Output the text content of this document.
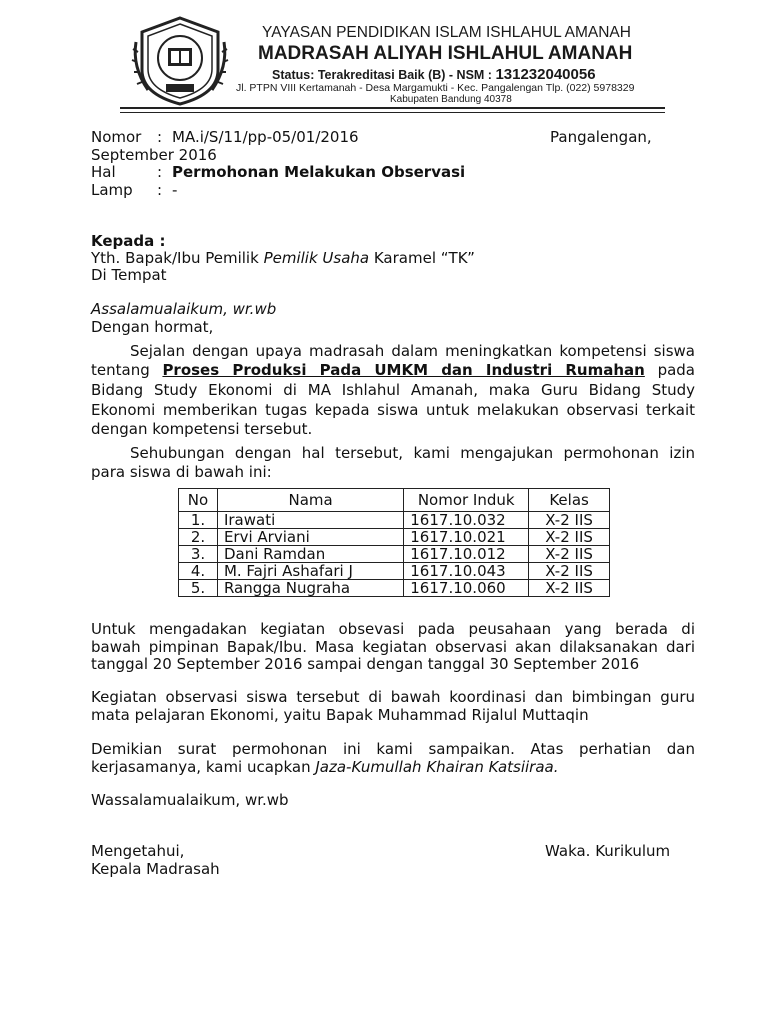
YAYASAN PENDIDIKAN ISLAM ISHLAHUL AMANAH
MADRASAH ALIYAH ISHLAHUL AMANAH
Status: Terakreditasi Baik (B) - NSM : 131232040056
Jl. PTPN VIII Kertamanah - Desa Margamukti - Kec. Pangalengan Tlp. (022) 5978329
Kabupaten Bandung 40378
Nomor : MA.i/S/11/pp-05/01/2016	Pangalengan,
September 2016
Hal	: Permohonan Melakukan Observasi
Lamp : -
Kepada :
Yth. Bapak/Ibu Pemilik Pemilik Usaha Karamel “TK”
Di Tempat
Assalamualaikum, wr.wb
Dengan hormat,
Sejalan dengan upaya madrasah dalam meningkatkan kompetensi siswa
tentang Proses Produksi Pada UMKM dan Industri Rumahan pada
Bidang Study Ekonomi di MA Ishlahul Amanah, maka Guru Bidang Study
Ekonomi memberikan tugas kepada siswa untuk melakukan observasi terkait
dengan kompetensi tersebut.
Sehubungan dengan hal tersebut, kami mengajukan permohonan izin
para siswa di bawah ini:
No	Nama	Nomor Induk	Kelas
1.	Irawati	1617.10.032	X-2 IIS
2.	Ervi Arviani	1617.10.021	X-2 IIS
3.	Dani Ramdan	1617.10.012	X-2 IIS
4.	M. Fajri Ashafari J	1617.10.043	X-2 IIS
5.	Rangga Nugraha	1617.10.060	X-2 IIS
Untuk mengadakan kegiatan obsevasi pada peusahaan yang berada di
bawah pimpinan Bapak/Ibu. Masa kegiatan observasi akan dilaksanakan dari
tanggal 20 September 2016 sampai dengan tanggal 30 September 2016
Kegiatan observasi siswa tersebut di bawah koordinasi dan bimbingan guru
mata pelajaran Ekonomi, yaitu Bapak Muhammad Rijalul Muttaqin
Demikian surat permohonan ini kami sampaikan. Atas perhatian dan
kerjasamanya, kami ucapkan Jaza-Kumullah Khairan Katsiiraa.
Wassalamualaikum, wr.wb
Mengetahui,
Kepala Madrasah
Waka. Kurikulum
